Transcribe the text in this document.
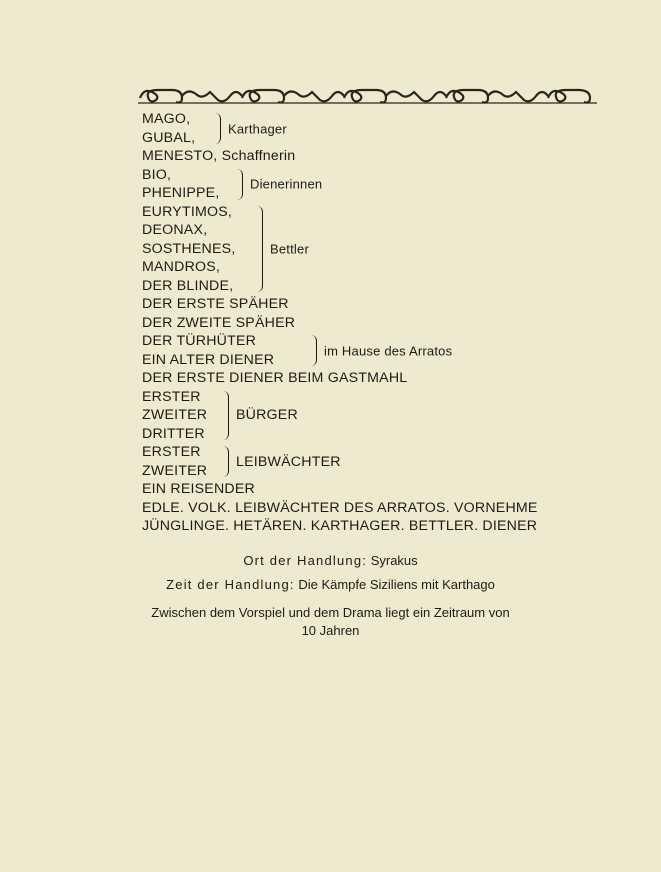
MAGO,
GUBAL,
Karthager
MENESTO, Schaffnerin
BIO,
PHENIPPE,
Dienerinnen
EURYTIMOS,
DEONAX,
SOSTHENES,
MANDROS,
DER BLINDE,
Bettler
DER ERSTE SPÄHER
DER ZWEITE SPÄHER
DER TÜRHÜTER
EIN ALTER DIENER
im Hause des Arratos
DER ERSTE DIENER BEIM GASTMAHL
ERSTER
ZWEITER
DRITTER
BÜRGER
ERSTER
ZWEITER
LEIBWÄCHTER
EIN REISENDER
EDLE. VOLK. LEIBWÄCHTER DES ARRATOS. VORNEHME
JÜNGLINGE. HETÄREN. KARTHAGER. BETTLER. DIENER
Ort der Handlung: Syrakus
Zeit der Handlung: Die Kämpfe Siziliens mit Karthago
Zwischen dem Vorspiel und dem Drama liegt ein Zeitraum von
10 Jahren
